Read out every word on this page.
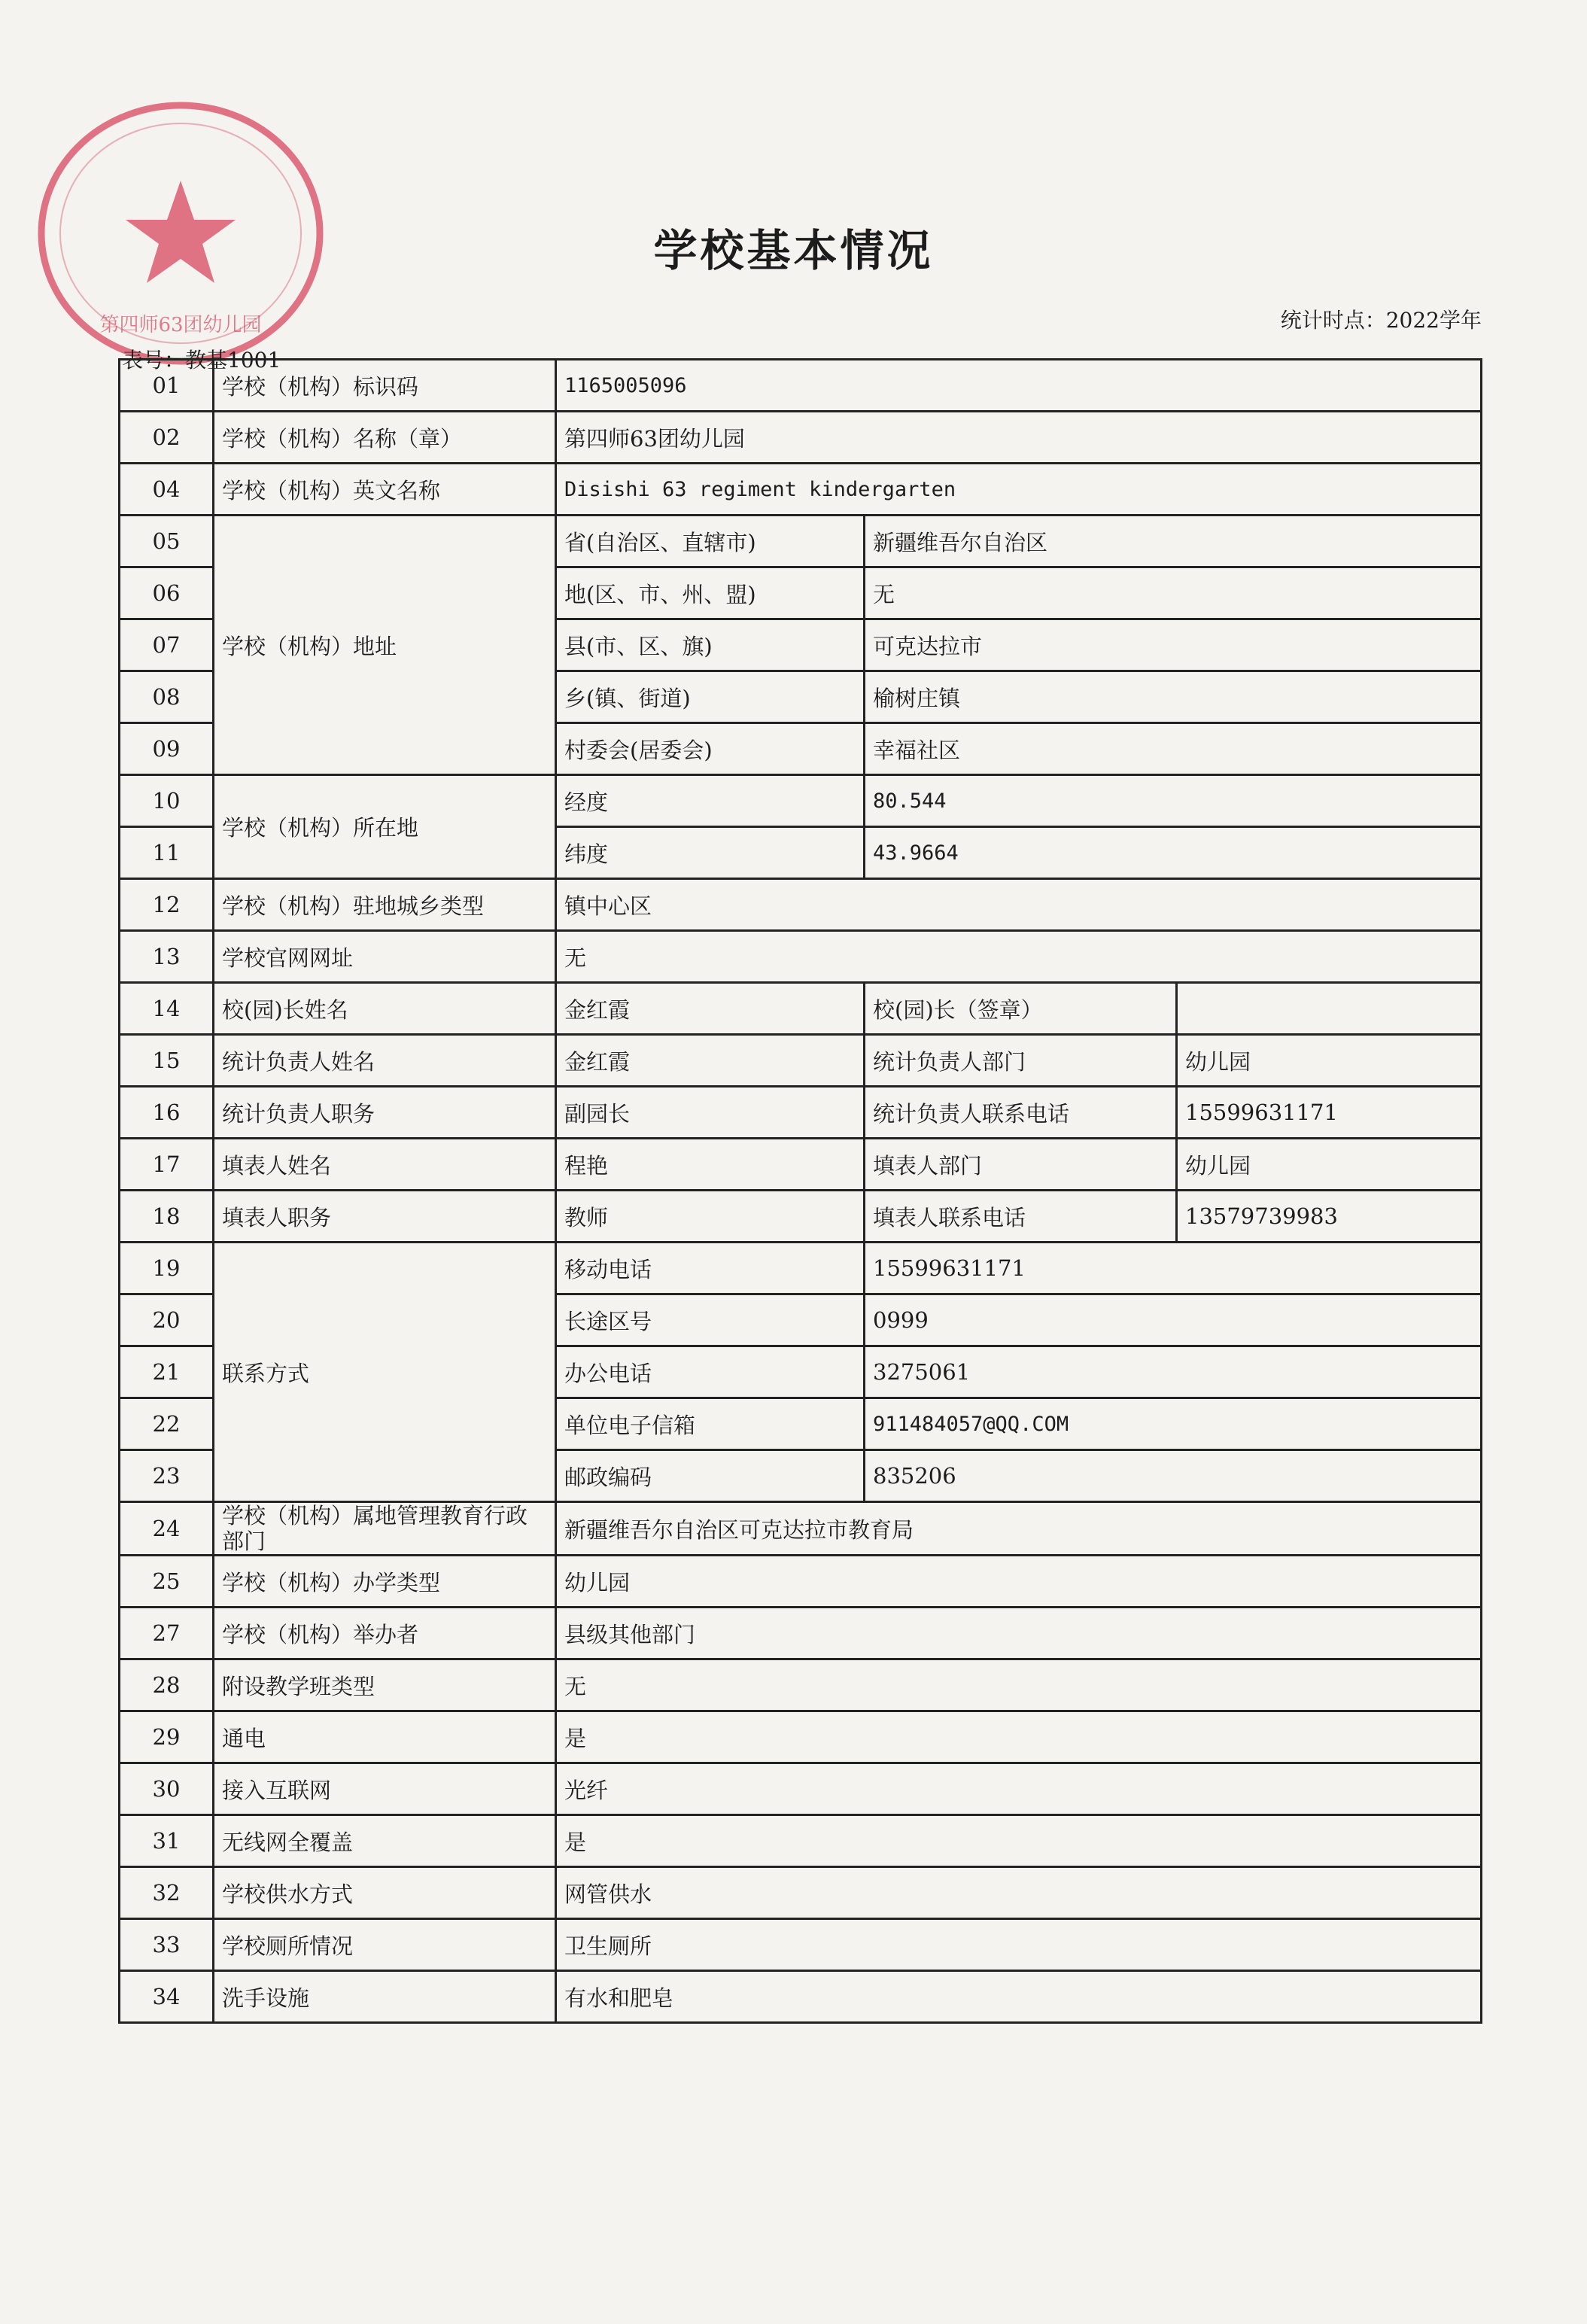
第四师63团幼儿园
学校基本情况
统计时点：2022学年
表号：教基1001
01	学校（机构）标识码	1165005096		
02	学校（机构）名称（章）	第四师63团幼儿园		
04	学校（机构）英文名称	Disishi 63 regiment kindergarten		
05	学校（机构）地址	省(自治区、直辖市)	新疆维吾尔自治区	
06		地(区、市、州、盟)	无	
07		县(市、区、旗)	可克达拉市	
08		乡(镇、街道)	榆树庄镇	
09		村委会(居委会)	幸福社区	
10	学校（机构）所在地	经度	80.544	
11		纬度	43.9664	
12	学校（机构）驻地城乡类型	镇中心区		
13	学校官网网址	无		
14	校(园)长姓名	金红霞	校(园)长（签章）	
15	统计负责人姓名	金红霞	统计负责人部门	幼儿园
16	统计负责人职务	副园长	统计负责人联系电话	15599631171
17	填表人姓名	程艳	填表人部门	幼儿园
18	填表人职务	教师	填表人联系电话	13579739983
19	联系方式	移动电话	15599631171	
20		长途区号	0999	
21		办公电话	3275061	
22		单位电子信箱	911484057@QQ.COM	
23		邮政编码	835206	
24	学校（机构）属地管理教育行政部门	新疆维吾尔自治区可克达拉市教育局		
25	学校（机构）办学类型	幼儿园		
27	学校（机构）举办者	县级其他部门		
28	附设教学班类型	无		
29	通电	是		
30	接入互联网	光纤		
31	无线网全覆盖	是		
32	学校供水方式	网管供水		
33	学校厕所情况	卫生厕所		
34	洗手设施	有水和肥皂		
